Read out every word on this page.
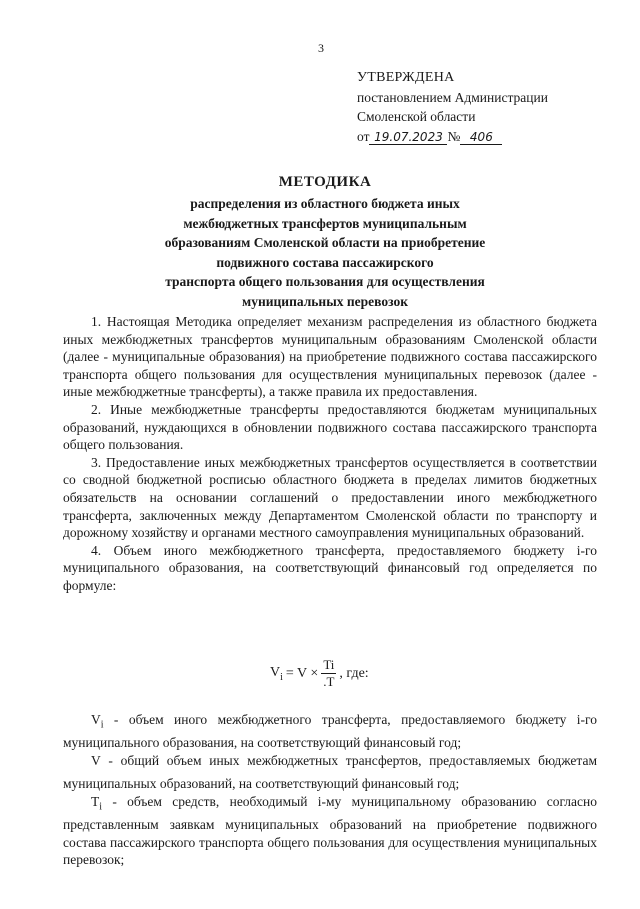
3
УТВЕРЖДЕНА
постановлением Администрации
Смоленской области
от 19.07.2023 № 406
МЕТОДИКА
распределения из областного бюджета иных
межбюджетных трансфертов муниципальным
образованиям Смоленской области на приобретение
подвижного состава пассажирского
транспорта общего пользования для осуществления
муниципальных перевозок

1. Настоящая Методика определяет механизм распределения из областного бюджета иных межбюджетных трансфертов муниципальным образованиям Смоленской области (далее - муниципальные образования) на приобретение подвижного состава пассажирского транспорта общего пользования для осуществления муниципальных перевозок (далее - иные межбюджетные трансферты), а также правила их предоставления.

2. Иные межбюджетные трансферты предоставляются бюджетам муниципальных образований, нуждающихся в обновлении подвижного состава пассажирского транспорта общего пользования.

3. Предоставление иных межбюджетных трансфертов осуществляется в соответствии со сводной бюджетной росписью областного бюджета в пределах лимитов бюджетных обязательств на основании соглашений о предоставлении иного межбюджетного трансферта, заключенных между Департаментом Смоленской области по транспорту и дорожному хозяйству и органами местного самоуправления муниципальных образований.

4. Объем иного межбюджетного трансферта, предоставляемого бюджету i-го муниципального образования, на соответствующий финансовый год определяется по формуле:

$V_i = V \times \frac{Ti}{.T}$ , где:

$V_i$ - объем иного межбюджетного трансферта, предоставляемого бюджету i-го муниципального образования, на соответствующий финансовый год;

V - общий объем иных межбюджетных трансфертов, предоставляемых бюджетам муниципальных образований, на соответствующий финансовый год;

$T_i$ - объем средств, необходимый i-му муниципальному образованию согласно представленным заявкам муниципальных образований на приобретение подвижного состава пассажирского транспорта общего пользования для осуществления муниципальных перевозок;
